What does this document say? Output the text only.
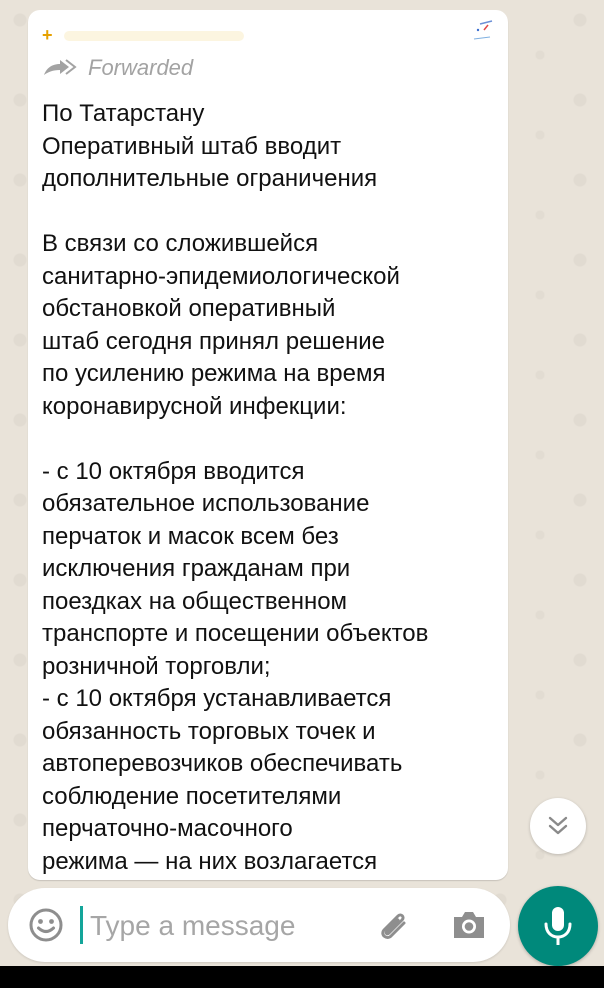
+
Forwarded
По Татарстану
Оперативный штаб вводит
дополнительные ограничения

В связи со сложившейся
санитарно-эпидемиологической
обстановкой оперативный
штаб сегодня принял решение
по усилению режима на время
коронавирусной инфекции:

- с 10 октября вводится
обязательное использование
перчаток и масок всем без
исключения гражданам при
поездках на общественном
транспорте и посещении объектов
розничной торговли;
- с 10 октября устанавливается
обязанность торговых точек и
автоперевозчиков обеспечивать
соблюдение посетителями
перчаточно-масочного
режима — на них возлагается

Type a message
